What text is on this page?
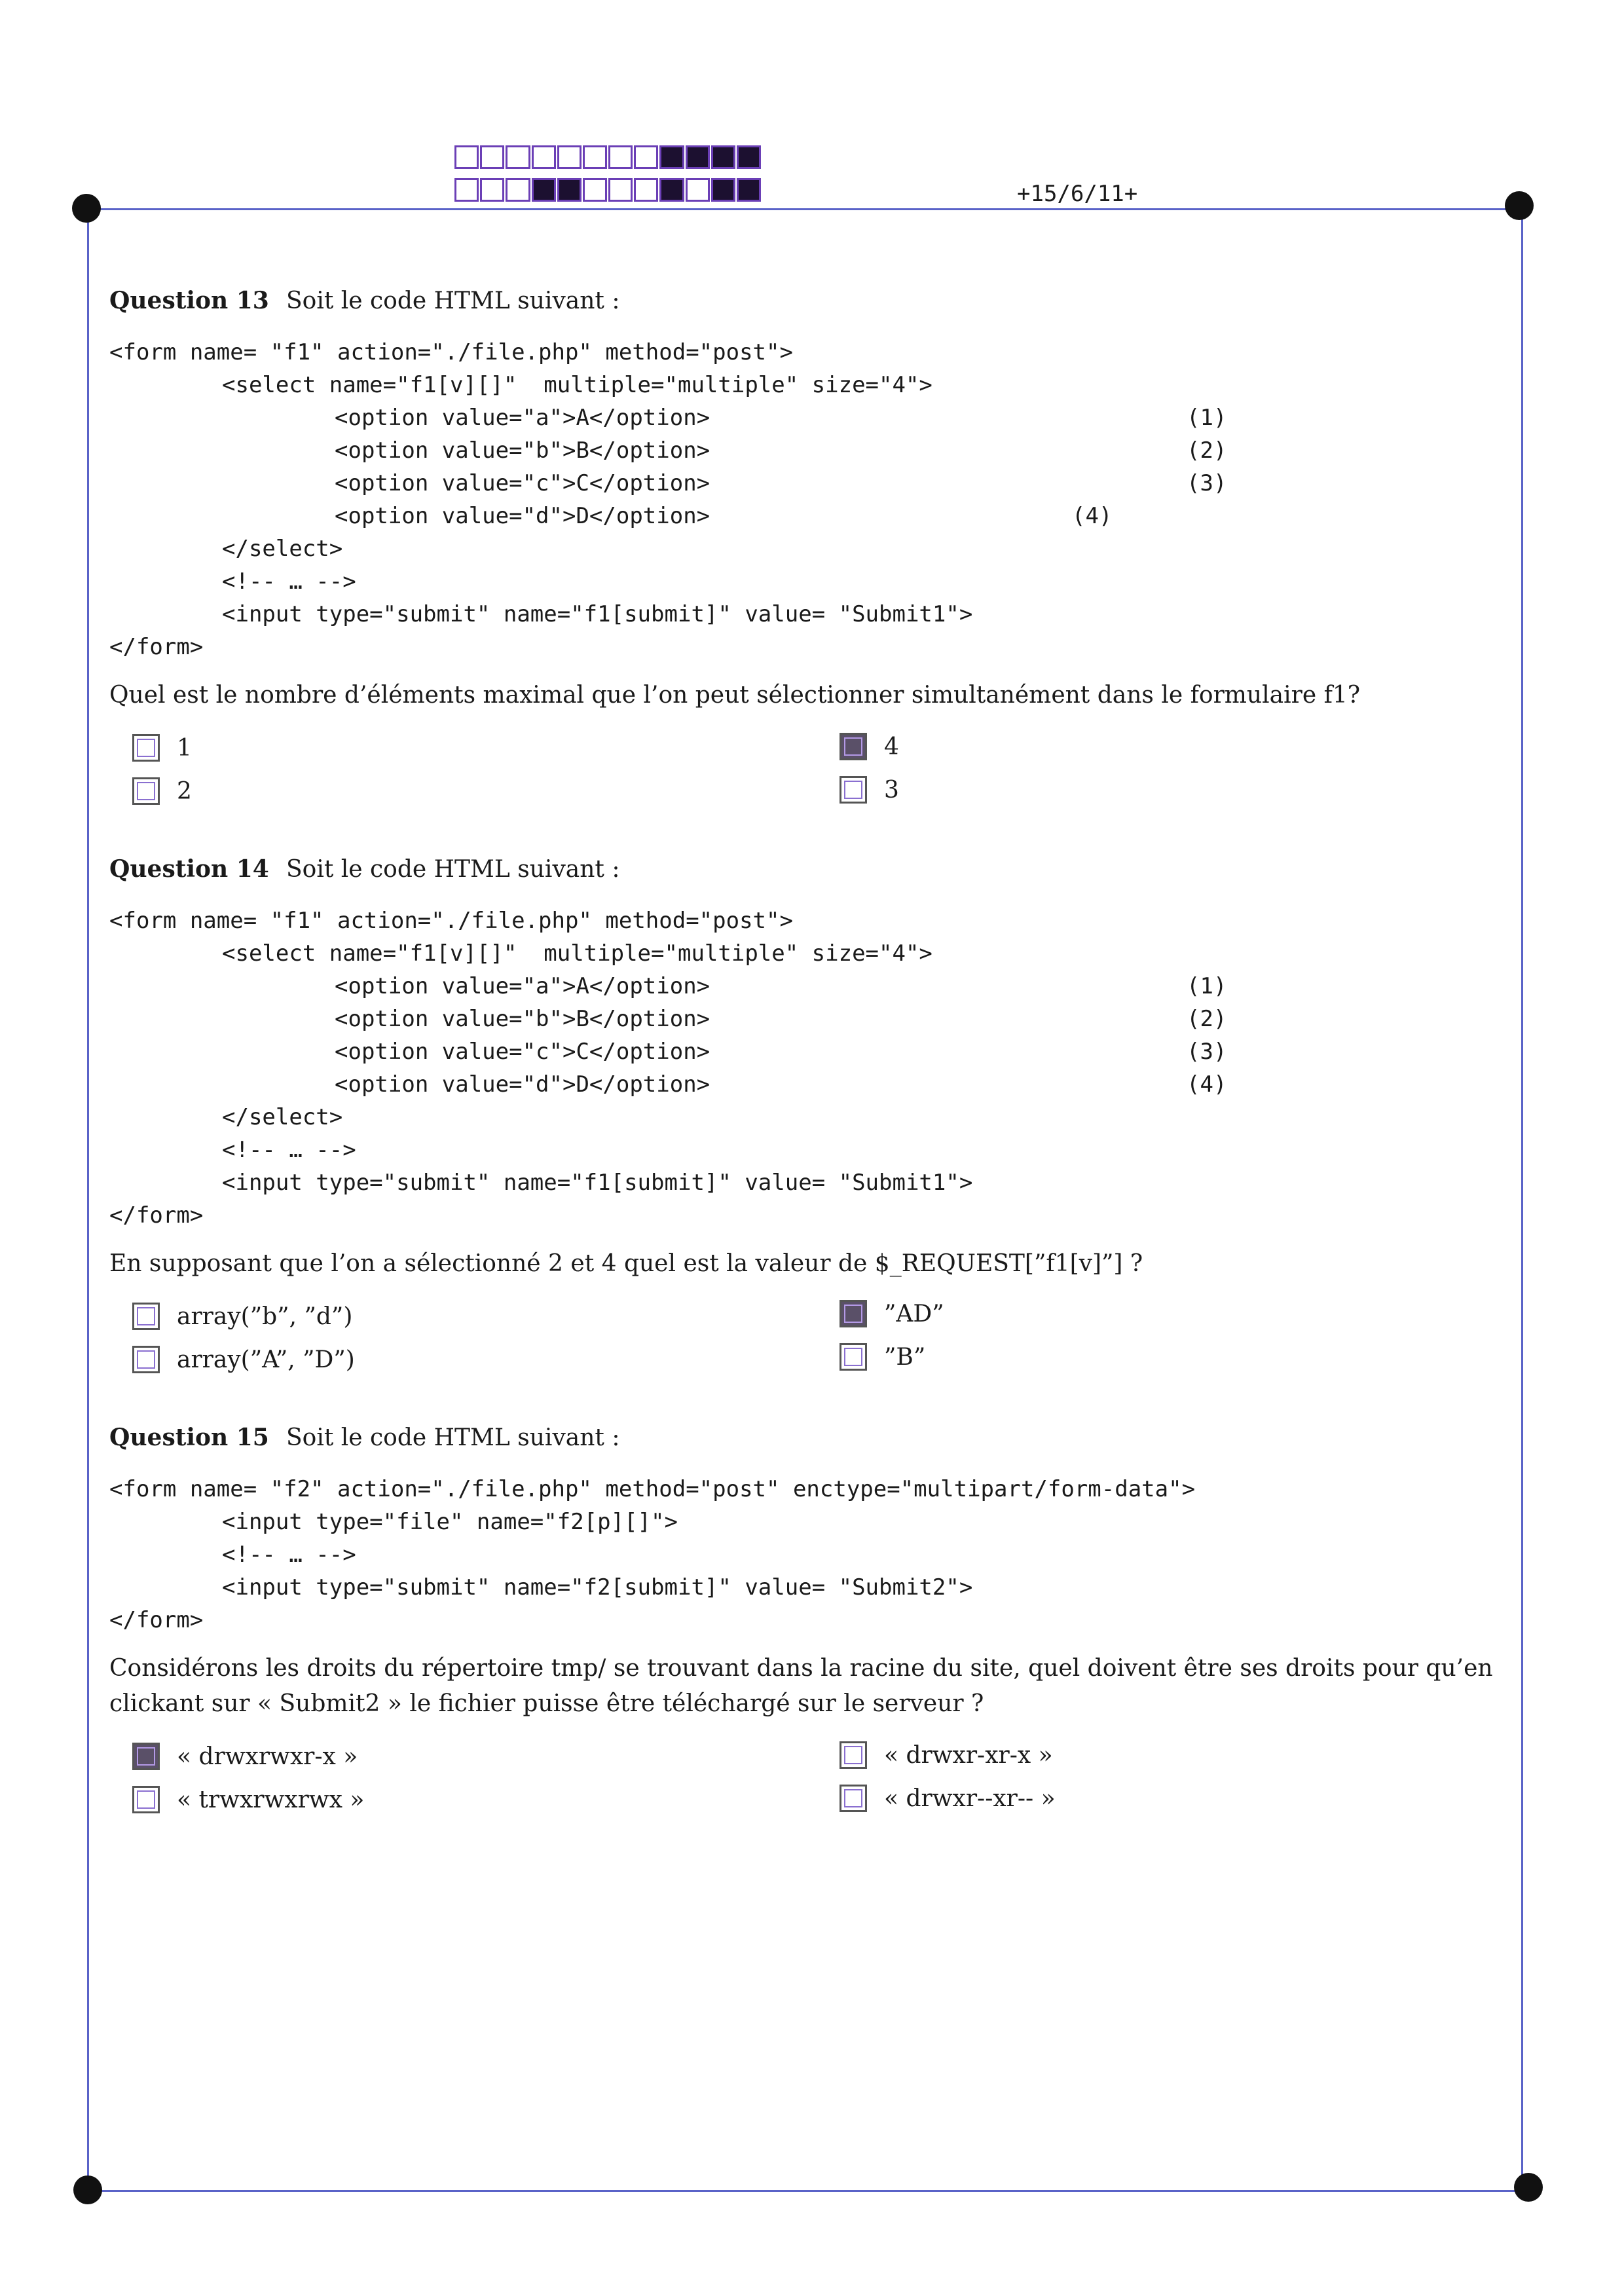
+15/6/11+
Question 13 Soit le code HTML suivant :
<form name= "f1" action="./file.php" method="post">
<select name="f1[v][]"  multiple="multiple" size="4">
<option value="a">A</option>	(1)
<option value="b">B</option>	(2)
<option value="c">C</option>	(3)
<option value="d">D</option>	(4)
</select>
<!-- … -->
<input type="submit" name="f1[submit]" value= "Submit1">
</form>
Quel est le nombre d’éléments maximal que l’on peut sélectionner simultanément dans le formulaire f1?
1
2
4
3
Question 14 Soit le code HTML suivant :
<form name= "f1" action="./file.php" method="post">
<select name="f1[v][]"  multiple="multiple" size="4">
<option value="a">A</option>	(1)
<option value="b">B</option>	(2)
<option value="c">C</option>	(3)
<option value="d">D</option>	(4)
</select>
<!-- … -->
<input type="submit" name="f1[submit]" value= "Submit1">
</form>
En supposant que l’on a sélectionné 2 et 4 quel est la valeur de $_REQUEST[”f1[v]”] ?
array(”b”, ”d”)
array(”A”, ”D”)
”AD”
”B”
Question 15 Soit le code HTML suivant :
<form name= "f2" action="./file.php" method="post" enctype="multipart/form-data">
<input type="file" name="f2[p][]">
<!-- … -->
<input type="submit" name="f2[submit]" value= "Submit2">
</form>
Considérons les droits du répertoire tmp/ se trouvant dans la racine du site, quel doivent être ses droits pour qu’en clickant sur « Submit2 » le fichier puisse être téléchargé sur le serveur ?
« drwxrwxr-x »
« trwxrwxrwx »
« drwxr-xr-x »
« drwxr--xr-- »
